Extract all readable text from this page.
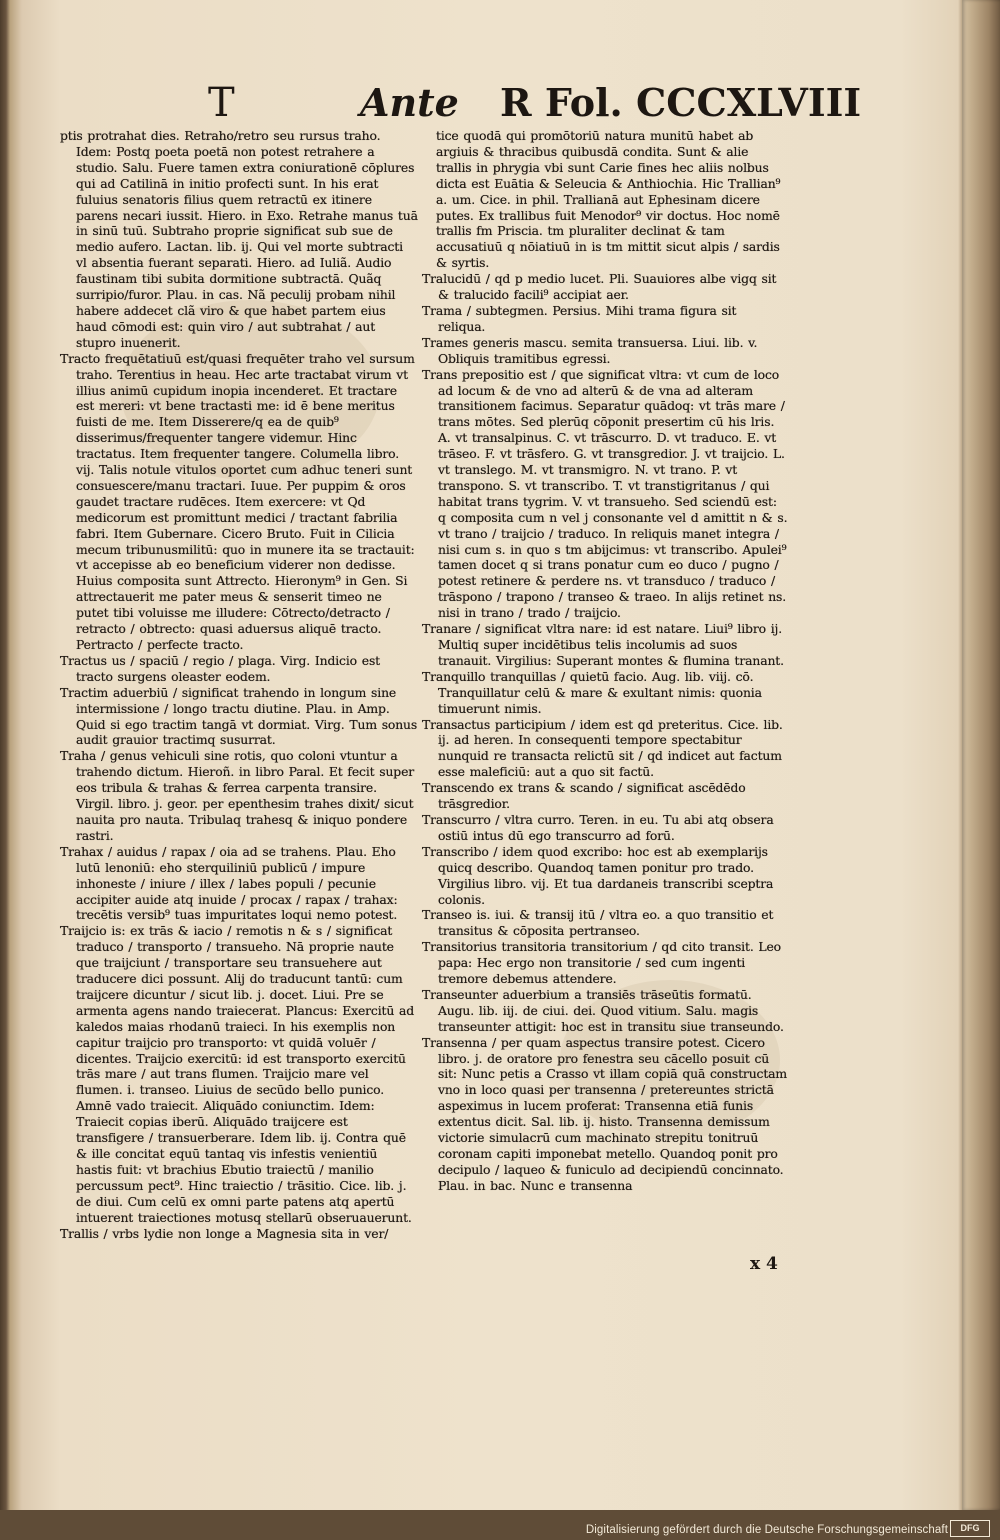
T	Ante R Fol. CCCXLVIII

ptis protrahat dies. Retraho/retro seu rursus traho. Idem: Postq poeta poetā non potest retrahere a studio. Salu. Fuere tamen extra coniurationē cōplures qui ad Catilinā in initio profecti sunt. In his erat fuluius senatoris filius quem retractū ex itinere parens necari iussit. Hiero. in Exo. Retrahe manus tuā in sinū tuū. Subtraho proprie significat sub sue de medio aufero. Lactan. lib. ij. Qui vel morte subtracti vl absentia fuerant separati. Hiero. ad Iuliã. Audio faustinam tibi subita dormitione subtractā. Quãq surripio/furor. Plau. in cas. Nã peculij probam nihil habere addecet clã viro & que habet partem eius haud cōmodi est: quin viro / aut subtrahat / aut stupro inuenerit.

Tracto frequētatiuū est/quasi frequēter traho vel sursum traho. Terentius in heau. Hec arte tractabat virum vt illius animū cupidum inopia incenderet. Et tractare est mereri: vt bene tractasti me: id ē bene meritus fuisti de me. Item Disserere/q ea de quib⁹ disserimus/frequenter tangere videmur. Hinc tractatus. Item frequenter tangere. Columella libro. vij. Talis notule vitulos oportet cum adhuc teneri sunt consuescere/manu tractari. Iuue. Per puppim & oros gaudet tractare rudēces. Item exercere: vt Qd medicorum est promittunt medici / tractant fabrilia fabri. Item Gubernare. Cicero Bruto. Fuit in Cilicia mecum tribunusmilitū: quo in munere ita se tractauit: vt accepisse ab eo beneficium viderer non dedisse. Huius composita sunt Attrecto. Hieronym⁹ in Gen. Si attrectauerit me pater meus & senserit timeo ne putet tibi voluisse me illudere: Cōtrecto/detracto / retracto / obtrecto: quasi aduersus aliquē tracto. Pertracto / perfecte tracto.

Tractus us / spaciū / regio / plaga. Virg. Indicio est tracto surgens oleaster eodem.

Tractim aduerbiū / significat trahendo in longum sine intermissione / longo tractu diutine. Plau. in Amp. Quid si ego tractim tangā vt dormiat. Virg. Tum sonus audit grauior tractimq susurrat.

Traha / genus vehiculi sine rotis, quo coloni vtuntur a trahendo dictum. Hieroñ. in libro Paral. Et fecit super eos tribula & trahas & ferrea carpenta transire. Virgil. libro. j. geor. per epenthesim trahes dixit/ sicut nauita pro nauta. Tribulaq trahesq & iniquo pondere rastri.

Trahax / auidus / rapax / oia ad se trahens. Plau. Eho lutū lenoniū: eho sterquiliniū publicū / impure inhoneste / iniure / illex / labes populi / pecunie accipiter auide atq inuide / procax / rapax / trahax: trecētis versib⁹ tuas impuritates loqui nemo potest.

Traijcio is: ex trās & iacio / remotis n & s / significat traduco / transporto / transueho. Nā proprie naute que traijciunt / transportare seu transuehere aut traducere dici possunt. Alij do traducunt tantū: cum traijcere dicuntur / sicut lib. j. docet. Liui. Pre se armenta agens nando traiecerat. Plancus: Exercitū ad kaledos maias rhodanū traieci. In his exemplis non capitur traijcio pro transporto: vt quidā voluēr / dicentes. Traijcio exercitū: id est transporto exercitū trās mare / aut trans flumen. Traijcio mare vel flumen. i. transeo. Liuius de secūdo bello punico. Amnē vado traiecit. Aliquādo coniunctim. Idem: Traiecit copias iberū. Aliquādo traijcere est transfigere / transuerberare. Idem lib. ij. Contra quē & ille concitat equū tantaq vis infestis venientiū hastis fuit: vt brachius Ebutio traiectū / manilio percussum pect⁹. Hinc traiectio / trāsitio. Cice. lib. j. de diui. Cum celū ex omni parte patens atq apertū intuerent traiectiones motusq stellarū obseruauerunt.

Trallis / vrbs lydie non longe a Magnesia sita in ver/

tice quodā qui promōtoriū natura munitū habet ab argiuis & thracibus quibusdā condita. Sunt & alie trallis in phrygia vbi sunt Carie fines hec aliis nolbus dicta est Euātia & Seleucia & Anthiochia. Hic Trallian⁹ a. um. Cice. in phil. Trallianā aut Ephesinam dicere putes. Ex trallibus fuit Menodor⁹ vir doctus. Hoc nomē trallis fm Priscia. tm pluraliter declinat & tam accusatiuū q nōiatiuū in is tm mittit sicut alpis / sardis & syrtis.

Tralucidū / qd p medio lucet. Pli. Suauiores albe vigq sit & tralucido facili⁹ accipiat aer.

Trama / subtegmen. Persius. Mihi trama figura sit reliqua.

Trames generis mascu. semita transuersa. Liui. lib. v. Obliquis tramitibus egressi.

Trans prepositio est / que significat vltra: vt cum de loco ad locum & de vno ad alterū & de vna ad alteram transitionem facimus. Separatur quādoq: vt trās mare / trans mōtes. Sed plerūq cōponit presertim cū his lris. A. vt transalpinus. C. vt trāscurro. D. vt traduco. E. vt trāseo. F. vt trāsfero. G. vt transgredior. J. vt traijcio. L. vt translego. M. vt transmigro. N. vt trano. P. vt transpono. S. vt transcribo. T. vt transtigritanus / qui habitat trans tygrim. V. vt transueho. Sed sciendū est: q composita cum n vel j consonante vel d amittit n & s. vt trano / traijcio / traduco. In reliquis manet integra / nisi cum s. in quo s tm abijcimus: vt transcribo. Apulei⁹ tamen docet q si trans ponatur cum eo duco / pugno / potest retinere & perdere ns. vt transduco / traduco / trāspono / trapono / transeo & traeo. In alijs retinet ns. nisi in trano / trado / traijcio.

Tranare / significat vltra nare: id est natare. Liui⁹ libro ij. Multiq super incidētibus telis incolumis ad suos tranauit. Virgilius: Superant montes & flumina tranant.

Tranquillo tranquillas / quietū facio. Aug. lib. viij. cō. Tranquillatur celū & mare & exultant nimis: quonia timuerunt nimis.

Transactus participium / idem est qd preteritus. Cice. lib. ij. ad heren. In consequenti tempore spectabitur nunquid re transacta relictū sit / qd indicet aut factum esse maleficiū: aut a quo sit factū.

Transcendo ex trans & scando / significat ascēdēdo trāsgredior.

Transcurro / vltra curro. Teren. in eu. Tu abi atq obsera ostiū intus dū ego transcurro ad forū.

Transcribo / idem quod excribo: hoc est ab exemplarijs quicq describo. Quandoq tamen ponitur pro trado. Virgilius libro. vij. Et tua dardaneis transcribi sceptra colonis.

Transeo is. iui. & transij itū / vltra eo. a quo transitio et transitus & cōposita pertranseo.

Transitorius transitoria transitorium / qd cito transit. Leo papa: Hec ergo non transitorie / sed cum ingenti tremore debemus attendere.

Transeunter aduerbium a transiēs trāseūtis formatū. Augu. lib. iij. de ciui. dei. Quod vitium. Salu. magis transeunter attigit: hoc est in transitu siue transeundo.

Transenna / per quam aspectus transire potest. Cicero libro. j. de oratore pro fenestra seu cācello posuit cū sit: Nunc petis a Crasso vt illam copiā quā constructam vno in loco quasi per transenna / pretereuntes strictā aspeximus in lucem proferat: Transenna etiā funis extentus dicit. Sal. lib. ij. histo. Transenna demissum victorie simulacrū cum machinato strepitu tonitruū coronam capiti imponebat metello. Quandoq ponit pro decipulo / laqueo & funiculo ad decipiendū concinnato. Plau. in bac. Nunc e transenna

x 4
Digitalisierung gefördert durch die Deutsche Forschungsgemeinschaft	DFG
